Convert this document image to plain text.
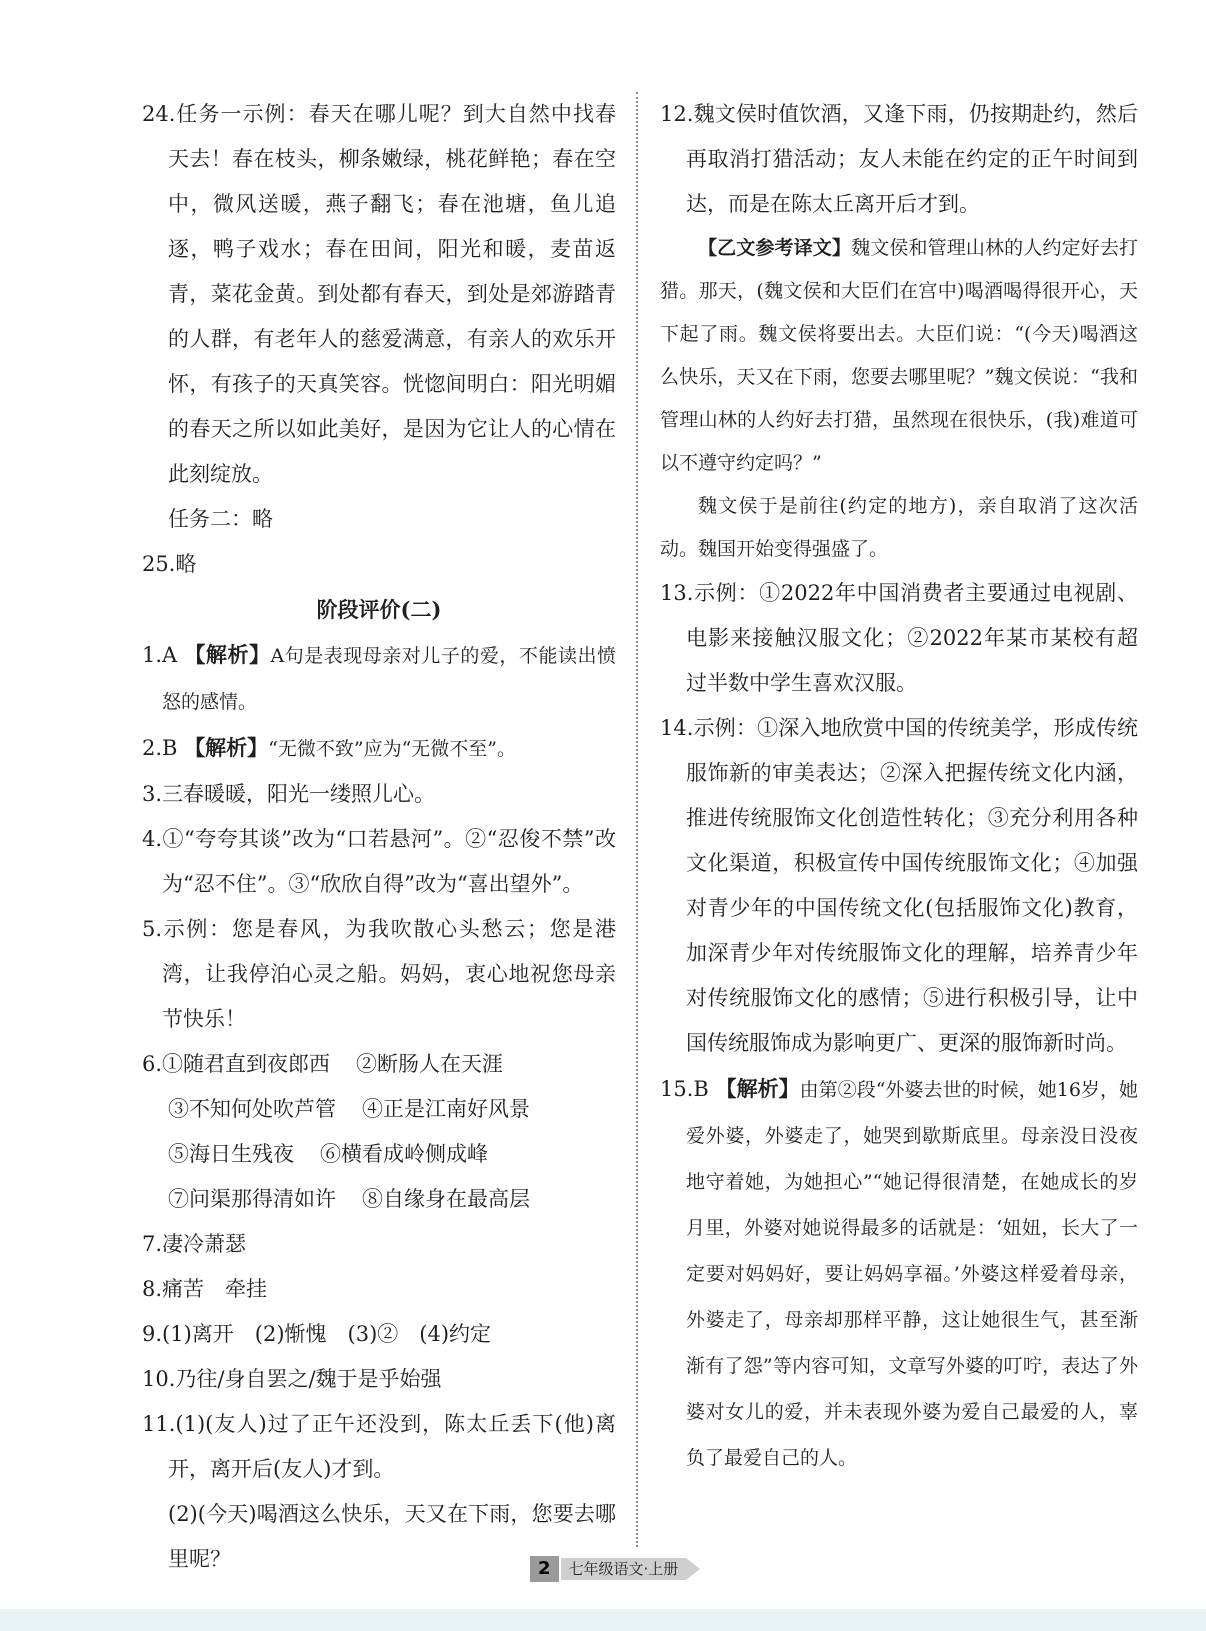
24.任务一示例：春天在哪儿呢？到大自然中找春天去！春在枝头，柳条嫩绿，桃花鲜艳；春在空中，微风送暖，燕子翻飞；春在池塘，鱼儿追逐，鸭子戏水；春在田间，阳光和暖，麦苗返青，菜花金黄。到处都有春天，到处是郊游踏青的人群，有老年人的慈爱满意，有亲人的欢乐开怀，有孩子的天真笑容。恍惚间明白：阳光明媚的春天之所以如此美好，是因为它让人的心情在此刻绽放。

任务二：略

25.略

阶段评价(二)

1.A 【解析】A句是表现母亲对儿子的爱，不能读出愤怒的感情。

2.B 【解析】“无微不致”应为“无微不至”。

3.三春暖暖，阳光一缕照儿心。

4.①“夸夸其谈”改为“口若悬河”。②“忍俊不禁”改为“忍不住”。③“欣欣自得”改为“喜出望外”。

5.示例：您是春风，为我吹散心头愁云；您是港湾，让我停泊心灵之船。妈妈，衷心地祝您母亲节快乐！

6. ①随君直到夜郎西 ②断肠人在天涯

③不知何处吹芦管 ④正是江南好风景

⑤海日生残夜 ⑥横看成岭侧成峰

⑦问渠那得清如许 ⑧自缘身在最高层

7.凄冷萧瑟

8.痛苦　牵挂

9.(1)离开　(2)惭愧　(3)②　(4)约定

10.乃往/身自罢之/魏于是乎始强

11.(1)(友人)过了正午还没到，陈太丘丢下(他)离开，离开后(友人)才到。

(2)(今天)喝酒这么快乐，天又在下雨，您要去哪里呢？

12.魏文侯时值饮酒，又逢下雨，仍按期赴约，然后再取消打猎活动；友人未能在约定的正午时间到达，而是在陈太丘离开后才到。

【乙文参考译文】魏文侯和管理山林的人约定好去打猎。那天，(魏文侯和大臣们在宫中)喝酒喝得很开心，天下起了雨。魏文侯将要出去。大臣们说：“(今天)喝酒这么快乐，天又在下雨，您要去哪里呢？”魏文侯说：“我和管理山林的人约好去打猎，虽然现在很快乐，(我)难道可以不遵守约定吗？”

魏文侯于是前往(约定的地方)，亲自取消了这次活动。魏国开始变得强盛了。

13.示例：①2022年中国消费者主要通过电视剧、电影来接触汉服文化；②2022年某市某校有超过半数中学生喜欢汉服。

14.示例：①深入地欣赏中国的传统美学，形成传统服饰新的审美表达；②深入把握传统文化内涵，推进传统服饰文化创造性转化；③充分利用各种文化渠道，积极宣传中国传统服饰文化；④加强对青少年的中国传统文化(包括服饰文化)教育，加深青少年对传统服饰文化的理解，培养青少年对传统服饰文化的感情；⑤进行积极引导，让中国传统服饰成为影响更广、更深的服饰新时尚。

15.B 【解析】由第②段“外婆去世的时候，她16岁，她爱外婆，外婆走了，她哭到歇斯底里。母亲没日没夜地守着她，为她担心”“她记得很清楚，在她成长的岁月里，外婆对她说得最多的话就是：‘妞妞，长大了一定要对妈妈好，要让妈妈享福。’外婆这样爱着母亲，外婆走了，母亲却那样平静，这让她很生气，甚至渐渐有了怨”等内容可知，文章写外婆的叮咛，表达了外婆对女儿的爱，并未表现外婆为爱自己最爱的人，辜负了最爱自己的人。

2	七年级语文·上册
